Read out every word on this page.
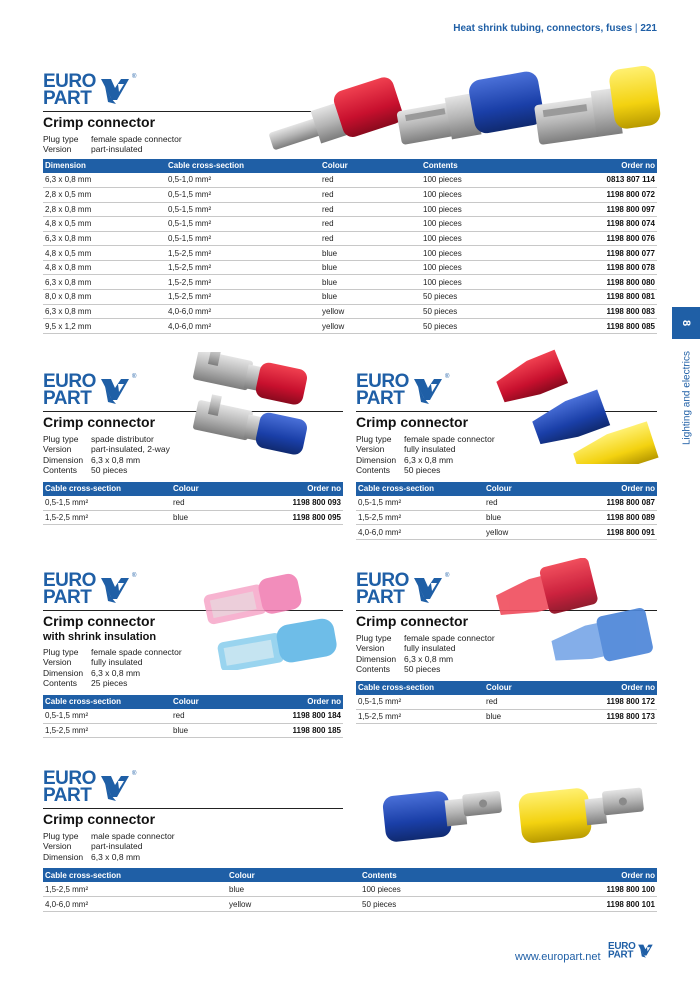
Heat shrink tubing, connectors, fuses | 221
8
Lighting and electrics
EURO
PART
®
Crimp connector
Plug type	female spade connector
Version	part-insulated
Dimension	Cable cross-section	Colour	Contents	Order no
6,3 x 0,8 mm	0,5-1,0 mm²	red	100 pieces	0813 807 114
2,8 x 0,5 mm	0,5-1,5 mm²	red	100 pieces	1198 800 072
2,8 x 0,8 mm	0,5-1,5 mm²	red	100 pieces	1198 800 097
4,8 x 0,5 mm	0,5-1,5 mm²	red	100 pieces	1198 800 074
6,3 x 0,8 mm	0,5-1,5 mm²	red	100 pieces	1198 800 076
4,8 x 0,5 mm	1,5-2,5 mm²	blue	100 pieces	1198 800 077
4,8 x 0,8 mm	1,5-2,5 mm²	blue	100 pieces	1198 800 078
6,3 x 0,8 mm	1,5-2,5 mm²	blue	100 pieces	1198 800 080
8,0 x 0,8 mm	1,5-2,5 mm²	blue	50 pieces	1198 800 081
6,3 x 0,8 mm	4,0-6,0 mm²	yellow	50 pieces	1198 800 083
9,5 x 1,2 mm	4,0-6,0 mm²	yellow	50 pieces	1198 800 085
EURO
PART
®
Crimp connector
Plug type	spade distributor
Version	part-insulated, 2-way
Dimension 6,3 x 0,8 mm
Contents	50 pieces
Cable cross-section	Colour	Order no
0,5-1,5 mm²	red	1198 800 093
1,5-2,5 mm²	blue	1198 800 095
EURO
PART
®
Crimp connector
Plug type	female spade connector
Version	fully insulated
Dimension 6,3 x 0,8 mm
Contents	50 pieces
Cable cross-section	Colour	Order no
0,5-1,5 mm²	red	1198 800 087
1,5-2,5 mm²	blue	1198 800 089
4,0-6,0 mm²	yellow	1198 800 091
EURO
PART
®
Crimp connector
with shrink insulation
Plug type	female spade connector
Version	fully insulated
Dimension 6,3 x 0,8 mm
Contents	25 pieces
Cable cross-section	Colour	Order no
0,5-1,5 mm²	red	1198 800 184
1,5-2,5 mm²	blue	1198 800 185
EURO
PART
®
Crimp connector
Plug type	female spade connector
Version	fully insulated
Dimension 6,3 x 0,8 mm
Contents	50 pieces
Cable cross-section	Colour	Order no
0,5-1,5 mm²	red	1198 800 172
1,5-2,5 mm²	blue	1198 800 173
EURO
PART
®
Crimp connector
Plug type	male spade connector
Version	part-insulated
Dimension 6,3 x 0,8 mm
Cable cross-section	Colour	Contents	Order no
1,5-2,5 mm²	blue	100 pieces	1198 800 100
4,0-6,0 mm²	yellow	50 pieces	1198 800 101
www.europart.net
EURO
PART
